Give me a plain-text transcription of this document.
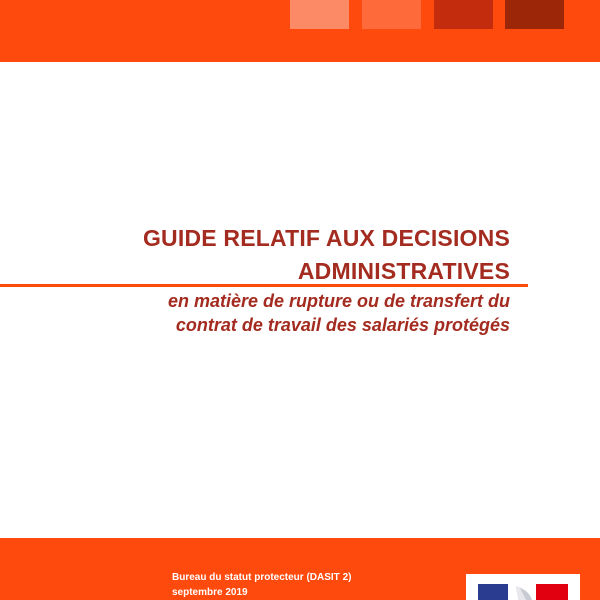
GUIDE RELATIF AUX DECISIONS
ADMINISTRATIVES
en matière de rupture ou de transfert du
contrat de travail des salariés protégés
Bureau du statut protecteur (DASIT 2)
septembre 2019
